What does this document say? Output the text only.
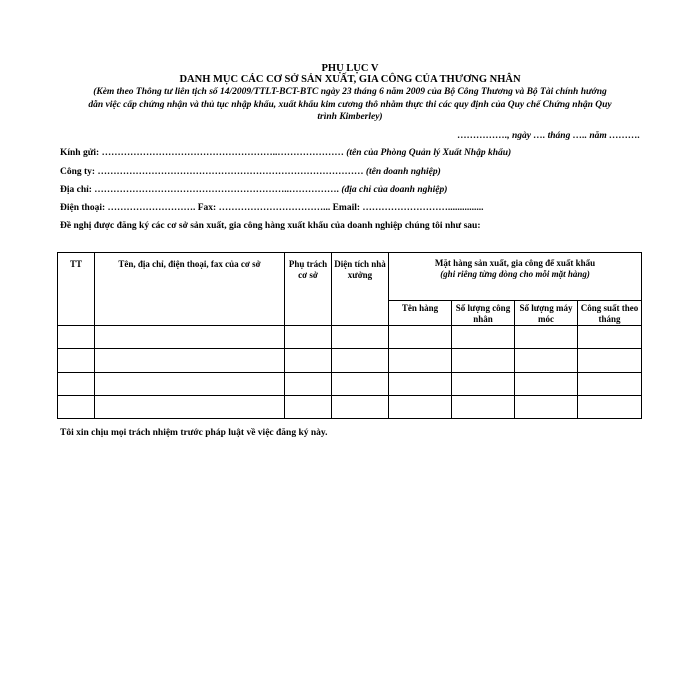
PHỤ LỤC V
DANH MỤC CÁC CƠ SỞ SẢN XUẤT, GIA CÔNG CỦA THƯƠNG NHÂN
(Kèm theo Thông tư liên tịch số 14/2009/TTLT-BCT-BTC ngày 23 tháng 6 năm 2009 của Bộ Công Thương và Bộ Tài chính hướng
dẫn việc cấp chứng nhận và thủ tục nhập khẩu, xuất khẩu kim cương thô nhằm thực thi các quy định của Quy chế Chứng nhận Quy
trình Kimberley)
……………., ngày …. tháng ….. năm ……….
Kính gửi: ………………………………………………..………………… (tên của Phòng Quản lý Xuất Nhập khẩu)
Công ty: ………………………………………………………………………… (tên doanh nghiệp)
Địa chỉ: ……………………………………………………..……………. (địa chỉ của doanh nghiệp)
Điện thoại: ………………………. Fax: ……………………………... Email: ………………………...............
Đề nghị được đăng ký các cơ sở sản xuất, gia công hàng xuất khẩu của doanh nghiệp chúng tôi như sau:
TT	Tên, địa chỉ, điện thoại, fax của cơ sở	Phụ trách cơ sở	Diện tích nhà xưởng	Mặt hàng sản xuất, gia công để xuất khẩu
(ghi riêng từng dòng cho mỗi mặt hàng)			

				Tên hàng	Số lượng công nhân	Số lượng máy móc	Công suất theo tháng

Tôi xin chịu mọi trách nhiệm trước pháp luật về việc đăng ký này.
